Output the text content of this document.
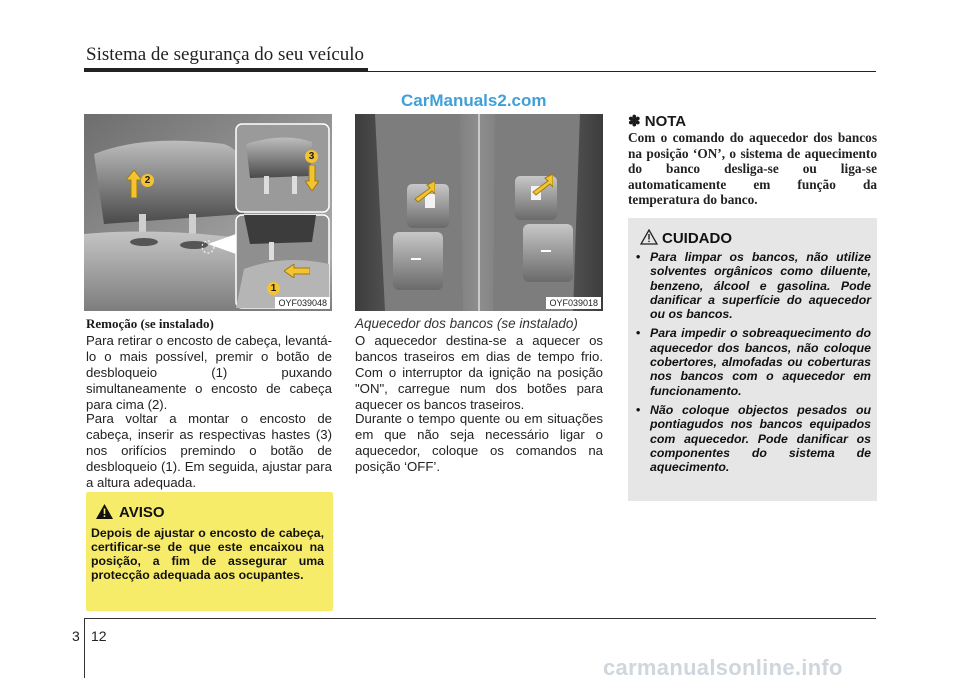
Sistema de segurança do seu veículo
CarManuals2.com
2
3
1
OYF039048	OYF039018
Remoção (se instalado)

Para retirar o encosto de cabeça, levantá-lo o mais possível, premir o botão de desbloqueio (1) puxando simultaneamente o encosto de cabeça para cima (2).

Para voltar a montar o encosto de cabeça, inserir as respectivas hastes (3) nos orifícios premindo o botão de desbloqueio (1). Em seguida, ajustar para a altura adequada.

AVISO
Depois de ajustar o encosto de cabeça, certificar-se de que este encaixou na posição, a fim de assegurar uma protecção adequada aos ocupantes.
Aquecedor dos bancos (se instalado)

O aquecedor destina-se a aquecer os bancos traseiros em dias de tempo frio. Com o interruptor da ignição na posição "ON", carregue num dos botões para aquecer os bancos traseiros.

Durante o tempo quente ou em situações em que não seja necessário ligar o aquecedor, coloque os comandos na posição ‘OFF’.

✽ NOTA
Com o comando do aquecedor dos bancos na posição ‘ON’, o sistema de aquecimento do banco desliga-se ou liga-se automaticamente em função da temperatura do banco.
CUIDADO
• Para limpar os bancos, não utilize solventes orgânicos como diluente, benzeno, álcool e gasolina. Pode danificar a superfície do aquecedor ou os bancos.
• Para impedir o sobreaquecimento do aquecedor dos bancos, não coloque cobertores, almofadas ou coberturas nos bancos com o aquecedor em funcionamento.
• Não coloque objectos pesados ou pontiagudos nos bancos equipados com aquecedor. Pode danificar os componentes do sistema de aquecimento.
3 12
carmanualsonline.info
